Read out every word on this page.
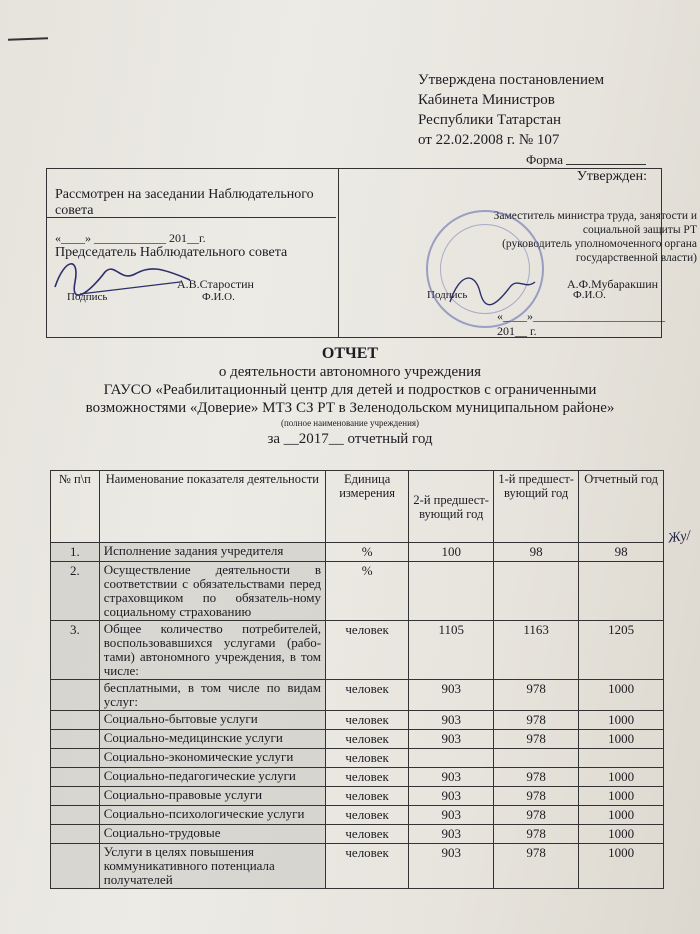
Утверждена постановлением
Кабинета Министров
Республики Татарстан
от 22.02.2008 г. № 107
Форма
Рассмотрен на заседании Наблюдательного совета
Утвержден:
«____» ____________ 201__г.
Председатель Наблюдательного совета
А.В.Старостин
Подпись	Ф.И.О.
Заместитель министра труда, занятости и
социальной защиты РТ
(руководитель уполномоченного органа
государственной власти)
А.Ф.Мубаракшин
Подпись	Ф.И.О.
«____»______________________ 201__ г.
ОТЧЕТ
о деятельности автономного учреждения
ГАУСО «Реабилитационный центр для детей и подростков с ограниченными
возможностями «Доверие» МТЗ СЗ РТ в Зеленодольском муниципальном районе»
(полное наименование учреждения)
за __2017__ отчетный год
№ п\п	Наименование показателя деятельности	Единица измерения	2-й предшест-вующий год	1-й предшест-вующий год	Отчетный год
1.	Исполнение задания учредителя	%	100	98	98
2.	Осуществление деятельности в соответствии с обязательствами перед страховщиком по обязатель-ному социальному страхованию	%			
3.	Общее количество потребителей, воспользовавшихся услугами (рабо-тами) автономного учреждения, в том числе:	человек	1105	1163	1205
	бесплатными, в том числе по видам услуг:	человек	903	978	1000
	Социально-бытовые услуги	человек	903	978	1000
	Социально-медицинские услуги	человек	903	978	1000
	Социально-экономические услуги	человек			
	Социально-педагогические услуги	человек	903	978	1000
	Социально-правовые услуги	человек	903	978	1000
	Социально-психологические услуги	человек	903	978	1000
	Социально-трудовые	человек	903	978	1000
	Услуги в целях повышения коммуникативного потенциала получателей	человек	903	978	1000
Жу/
